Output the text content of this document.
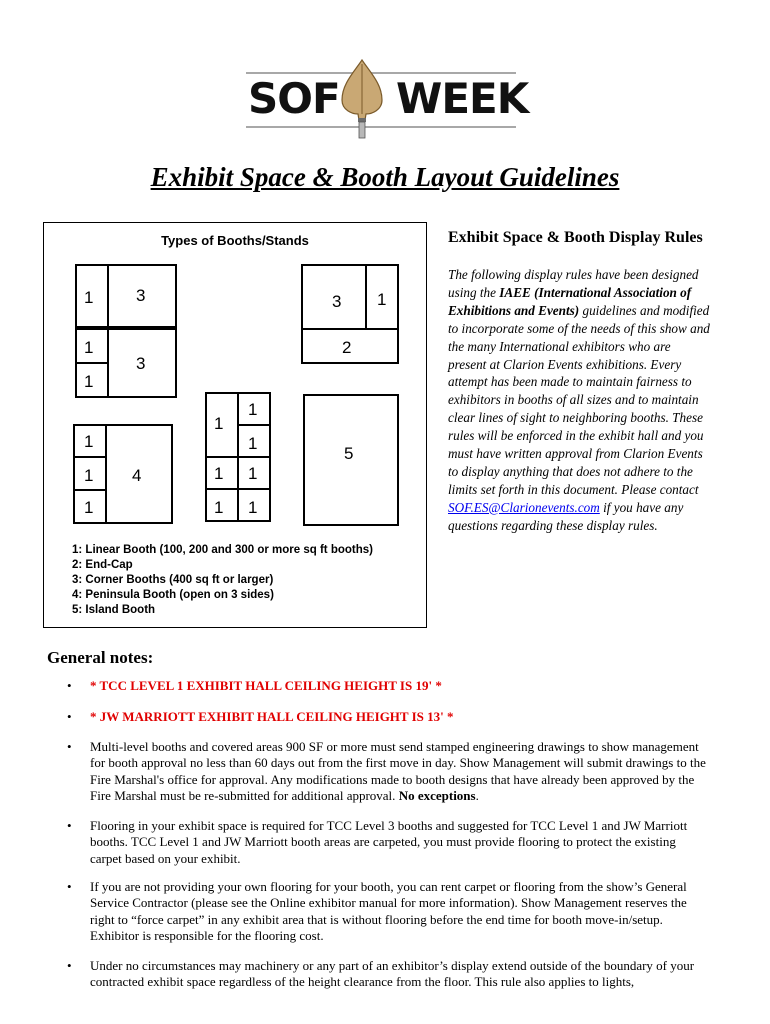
SOF WEEK
Exhibit Space & Booth Layout Guidelines
1	3
1
1
3
3 1
2
1
1
1
4
1
1
1
1
1
1
1
5
Types of Booths/Stands
1: Linear Booth (100, 200 and 300 or more sq ft booths)
2: End-Cap
3: Corner Booths (400 sq ft or larger)
4: Peninsula Booth (open on 3 sides)
5: Island Booth
Exhibit Space & Booth Display Rules
The following display rules have been designed using the IAEE (International Association of Exhibitions and Events) guidelines and modified to incorporate some of the needs of this show and the many International exhibitors who are present at Clarion Events exhibitions. Every attempt has been made to maintain fairness to exhibitors in booths of all sizes and to maintain clear lines of sight to neighboring booths. These rules will be enforced in the exhibit hall and you must have written approval from Clarion Events to display anything that does not adhere to the limits set forth in this document. Please contact SOF.ES@Clarionevents.com if you have any questions regarding these display rules.
General notes:
• * TCC LEVEL 1 EXHIBIT HALL CEILING HEIGHT IS 19' *
• * JW MARRIOTT EXHIBIT HALL CEILING HEIGHT IS 13' *
• Multi-level booths and covered areas 900 SF or more must send stamped engineering drawings to show management for booth approval no less than 60 days out from the first move in day. Show Management will submit drawings to the Fire Marshal's office for approval. Any modifications made to booth designs that have already been approved by the Fire Marshal must be re-submitted for additional approval. No exceptions.
• Flooring in your exhibit space is required for TCC Level 3 booths and suggested for TCC Level 1 and JW Marriott booths. TCC Level 1 and JW Marriott booth areas are carpeted, you must provide flooring to protect the existing carpet based on your exhibit.
• If you are not providing your own flooring for your booth, you can rent carpet or flooring from the show’s General Service Contractor (please see the Online exhibitor manual for more information). Show Management reserves the right to “force carpet” in any exhibit area that is without flooring before the end time for booth move-in/setup. Exhibitor is responsible for the flooring cost.
• Under no circumstances may machinery or any part of an exhibitor’s display extend outside of the boundary of your contracted exhibit space regardless of the height clearance from the floor. This rule also applies to lights,
